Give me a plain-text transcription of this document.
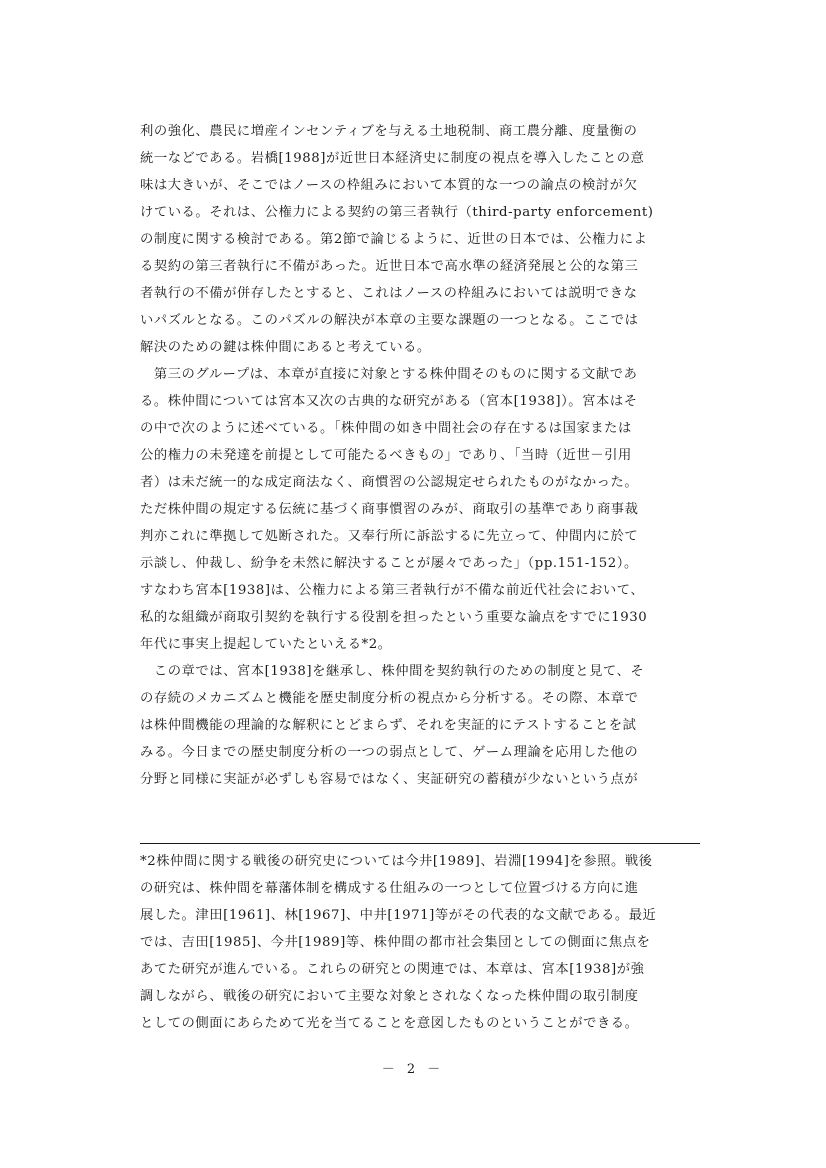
利の強化、農民に増産インセンティブを与える土地税制、商工農分離、度量衡の
統一などである。岩橋[1988]が近世日本経済史に制度の視点を導入したことの意
味は大きいが、そこではノースの枠組みにおいて本質的な一つの論点の検討が欠
けている。それは、公権力による契約の第三者執行（third-party enforcement)
の制度に関する検討である。第2節で論じるように、近世の日本では、公権力によ
る契約の第三者執行に不備があった。近世日本で高水準の経済発展と公的な第三
者執行の不備が併存したとすると、これはノースの枠組みにおいては説明できな
いパズルとなる。このパズルの解決が本章の主要な課題の一つとなる。ここでは
解決のための鍵は株仲間にあると考えている。
　第三のグループは、本章が直接に対象とする株仲間そのものに関する文献であ
る。株仲間については宮本又次の古典的な研究がある（宮本[1938]）。宮本はそ
の中で次のように述べている。「株仲間の如き中間社会の存在するは国家または
公的権力の未発達を前提として可能たるべきもの」であり、「当時（近世－引用
者）は未だ統一的な成定商法なく、商慣習の公認規定せられたものがなかった。
ただ株仲間の規定する伝統に基づく商事慣習のみが、商取引の基準であり商事裁
判亦これに準拠して処断された。又奉行所に訴訟するに先立って、仲間内に於て
示談し、仲裁し、紛争を未然に解決することが屡々であった」（pp.151-152）。
すなわち宮本[1938]は、公権力による第三者執行が不備な前近代社会において、
私的な組織が商取引契約を執行する役割を担ったという重要な論点をすでに1930
年代に事実上提起していたといえる*2。
　この章では、宮本[1938]を継承し、株仲間を契約執行のための制度と見て、そ
の存続のメカニズムと機能を歴史制度分析の視点から分析する。その際、本章で
は株仲間機能の理論的な解釈にとどまらず、それを実証的にテストすることを試
みる。今日までの歴史制度分析の一つの弱点として、ゲーム理論を応用した他の
分野と同様に実証が必ずしも容易ではなく、実証研究の蓄積が少ないという点が
*2株仲間に関する戦後の研究史については今井[1989]、岩淵[1994]を参照。戦後
の研究は、株仲間を幕藩体制を構成する仕組みの一つとして位置づける方向に進
展した。津田[1961]、林[1967]、中井[1971]等がその代表的な文献である。最近
では、吉田[1985]、今井[1989]等、株仲間の都市社会集団としての側面に焦点を
あてた研究が進んでいる。これらの研究との関連では、本章は、宮本[1938]が強
調しながら、戦後の研究において主要な対象とされなくなった株仲間の取引制度
としての側面にあらためて光を当てることを意図したものということができる。
－ 2 －
